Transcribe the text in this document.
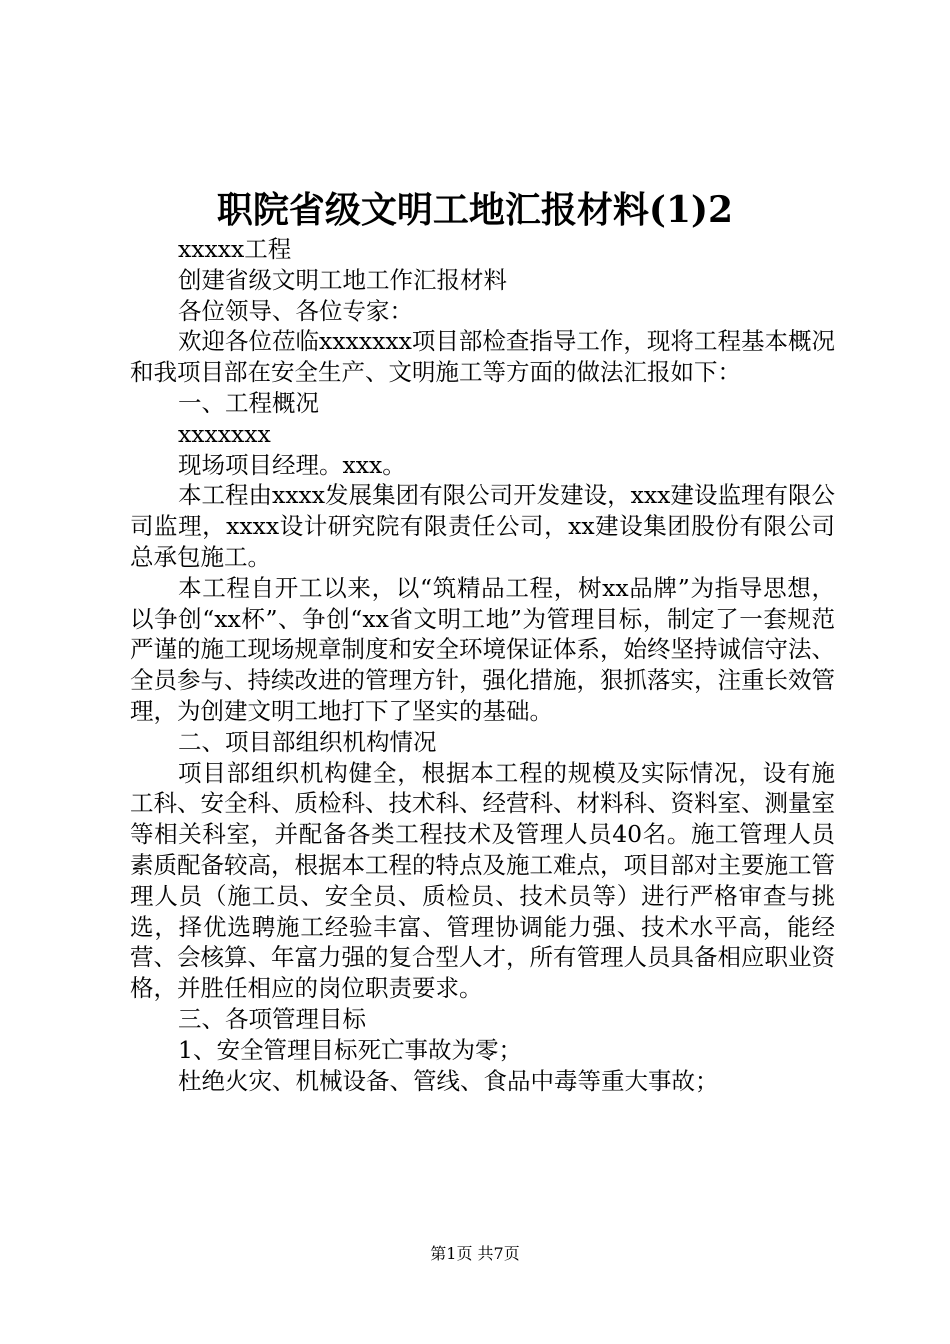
职院省级文明工地汇报材料(1)2

xxxxx工程

创建省级文明工地工作汇报材料

各位领导、各位专家：

欢迎各位莅临xxxxxxx项目部检查指导工作，现将工程基本概况和我项目部在安全生产、文明施工等方面的做法汇报如下：

一、工程概况

xxxxxxx

现场项目经理。xxx。

本工程由xxxx发展集团有限公司开发建设，xxx建设监理有限公司监理，xxxx设计研究院有限责任公司，xx建设集团股份有限公司总承包施工。

本工程自开工以来，以“筑精品工程，树xx品牌”为指导思想，以争创“xx杯”、争创“xx省文明工地”为管理目标，制定了一套规范严谨的施工现场规章制度和安全环境保证体系，始终坚持诚信守法、全员参与、持续改进的管理方针，强化措施，狠抓落实，注重长效管理，为创建文明工地打下了坚实的基础。

二、项目部组织机构情况

项目部组织机构健全，根据本工程的规模及实际情况，设有施工科、安全科、质检科、技术科、经营科、材料科、资料室、测量室等相关科室，并配备各类工程技术及管理人员40名。施工管理人员素质配备较高，根据本工程的特点及施工难点，项目部对主要施工管理人员（施工员、安全员、质检员、技术员等）进行严格审查与挑选，择优选聘施工经验丰富、管理协调能力强、技术水平高，能经营、会核算、年富力强的复合型人才，所有管理人员具备相应职业资格，并胜任相应的岗位职责要求。

三、各项管理目标

1、安全管理目标死亡事故为零；

杜绝火灾、机械设备、管线、食品中毒等重大事故；

第1页 共7页
